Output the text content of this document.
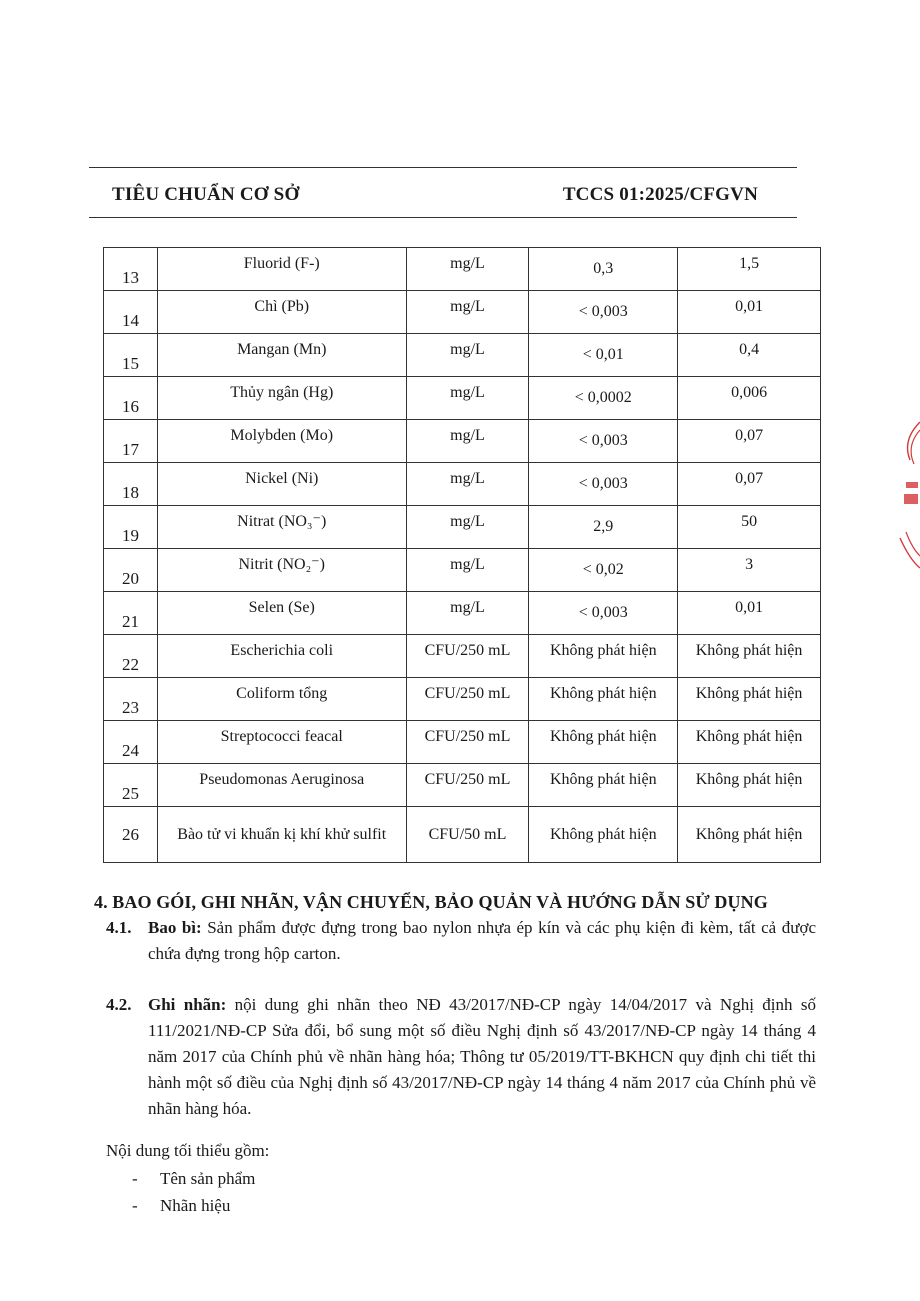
TIÊU CHUẨN CƠ SỞ	TCCS 01:2025/CFGVN
13	Fluorid (F-)	mg/L	0,3	1,5
14	Chì (Pb)	mg/L	< 0,003	0,01
15	Mangan (Mn)	mg/L	< 0,01	0,4
16	Thủy ngân (Hg)	mg/L	< 0,0002	0,006
17	Molybden (Mo)	mg/L	< 0,003	0,07
18	Nickel (Ni)	mg/L	< 0,003	0,07
19	Nitrat (NO₃⁻)	mg/L	2,9	50
20	Nitrit (NO₂⁻)	mg/L	< 0,02	3
21	Selen (Se)	mg/L	< 0,003	0,01
22	Escherichia coli	CFU/250 mL	Không phát hiện	Không phát hiện
23	Coliform tổng	CFU/250 mL	Không phát hiện	Không phát hiện
24	Streptococci feacal	CFU/250 mL	Không phát hiện	Không phát hiện
25	Pseudomonas Aeruginosa	CFU/250 mL	Không phát hiện	Không phát hiện
26	Bào tử vi khuẩn kị khí khử sulfit	CFU/50 mL	Không phát hiện	Không phát hiện
4. BAO GÓI, GHI NHÃN, VẬN CHUYỂN, BẢO QUẢN VÀ HƯỚNG DẪN SỬ DỤNG
4.1. Bao bì: Sản phẩm được đựng trong bao nylon nhựa ép kín và các phụ kiện đi kèm, tất cả được chứa đựng trong hộp carton.
4.2. Ghi nhãn: nội dung ghi nhãn theo NĐ 43/2017/NĐ-CP ngày 14/04/2017 và Nghị định số 111/2021/NĐ-CP Sửa đổi, bổ sung một số điều Nghị định số 43/2017/NĐ-CP ngày 14 tháng 4 năm 2017 của Chính phủ về nhãn hàng hóa; Thông tư 05/2019/TT-BKHCN quy định chi tiết thi hành một số điều của Nghị định số 43/2017/NĐ-CP ngày 14 tháng 4 năm 2017 của Chính phủ về nhãn hàng hóa.
Nội dung tối thiểu gồm:
- Tên sản phẩm
- Nhãn hiệu
